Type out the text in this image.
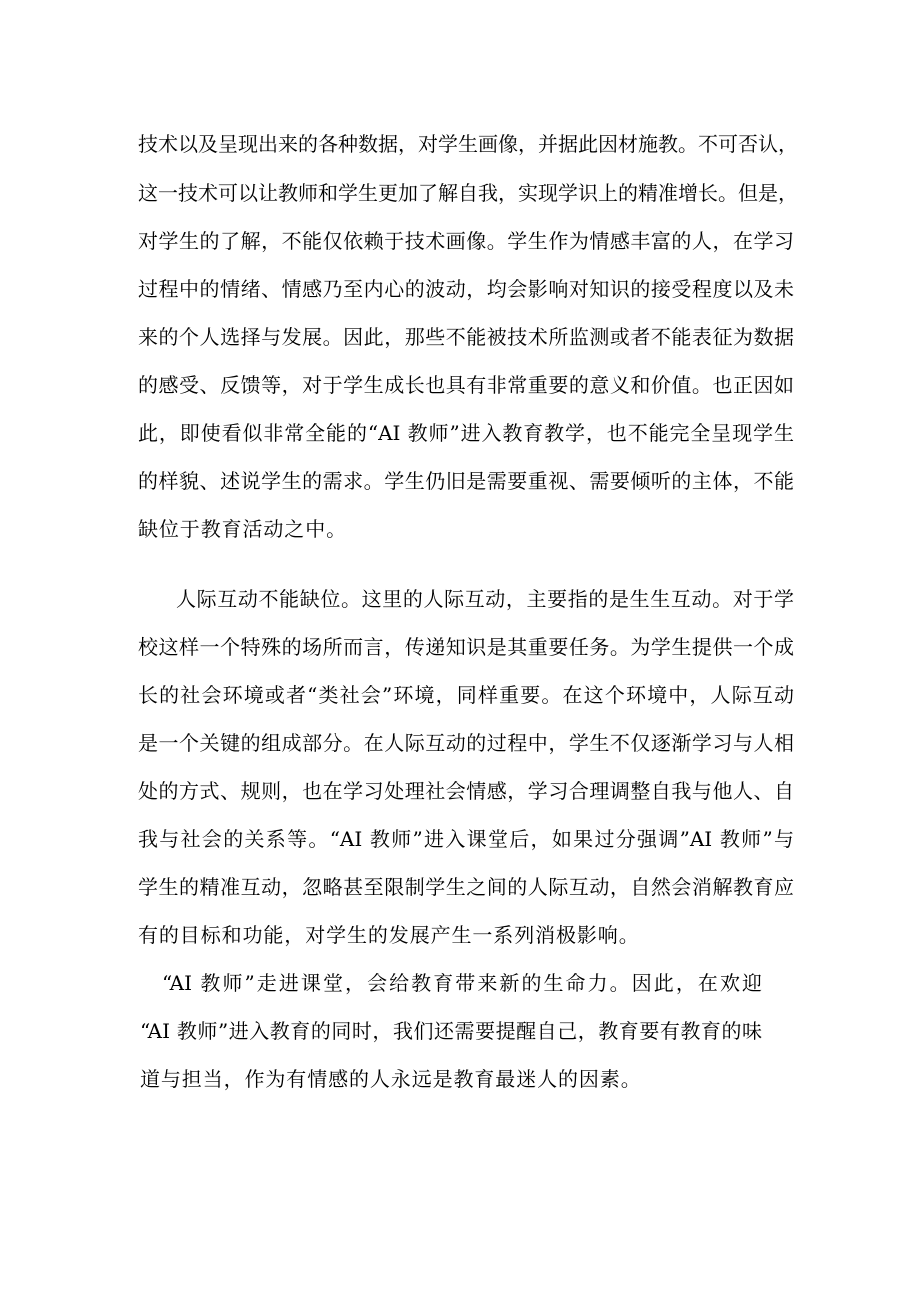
技术以及呈现出来的各种数据，对学生画像，并据此因材施教。不可否认，
这一技术可以让教师和学生更加了解自我，实现学识上的精准增长。但是，
对学生的了解，不能仅依赖于技术画像。学生作为情感丰富的人，在学习
过程中的情绪、情感乃至内心的波动，均会影响对知识的接受程度以及未
来的个人选择与发展。因此，那些不能被技术所监测或者不能表征为数据
的感受、反馈等，对于学生成长也具有非常重要的意义和价值。也正因如
此，即使看似非常全能的“AI 教师”进入教育教学，也不能完全呈现学生
的样貌、述说学生的需求。学生仍旧是需要重视、需要倾听的主体，不能
缺位于教育活动之中。
人际互动不能缺位。这里的人际互动，主要指的是生生互动。对于学
校这样一个特殊的场所而言，传递知识是其重要任务。为学生提供一个成
长的社会环境或者“类社会”环境，同样重要。在这个环境中，人际互动
是一个关键的组成部分。在人际互动的过程中，学生不仅逐渐学习与人相
处的方式、规则，也在学习处理社会情感，学习合理调整自我与他人、自
我与社会的关系等。“AI 教师”进入课堂后，如果过分强调”AI 教师”与
学生的精准互动，忽略甚至限制学生之间的人际互动，自然会消解教育应
有的目标和功能，对学生的发展产生一系列消极影响。
“AI 教师”走进课堂，会给教育带来新的生命力。因此，在欢迎
“AI 教师”进入教育的同时，我们还需要提醒自己，教育要有教育的味
道与担当，作为有情感的人永远是教育最迷人的因素。
